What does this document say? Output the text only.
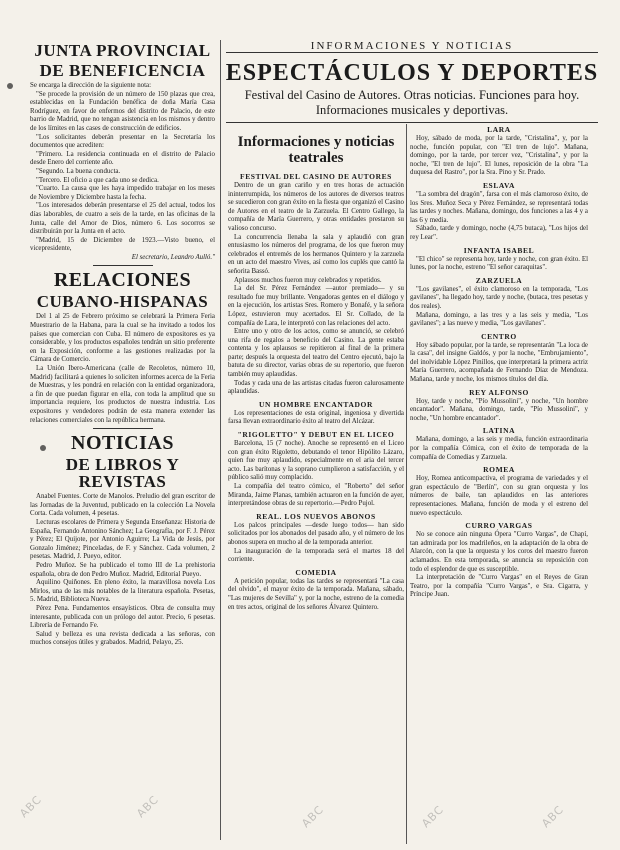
INFORMACIONES Y NOTICIAS
ESPECTÁCULOS Y DEPORTES
Festival del Casino de Autores. Otras noticias. Funciones para hoy. Informaciones musicales y deportivas.
JUNTA PROVINCIAL
DE BENEFICENCIA

Se encarga la dirección de la siguiente nota:

"Se procede la provisión de un número de 150 plazas que crea, establecidas en la Fundación benéfica de doña María Casa Rodríguez, en favor de enfermos del distrito de Palacio, de este barrio de Madrid, que no tengan asistencia en los mismos y dentro de los límites en las cases de construcción de edificios.

"Los solicitantes deberán presentar en la Secretaría los documentos que acrediten:

"Primero. La residencia continuada en el distrito de Palacio desde Enero del corriente año.

"Segundo. La buena conducta.

"Tercero. El oficio a que cada uno se dedica.

"Cuarto. La causa que les haya impedido trabajar en los meses de Noviembre y Diciembre hasta la fecha.

"Los interesados deberán presentarse el 25 del actual, todos los días laborables, de cuatro a seis de la tarde, en las oficinas de la Junta, calle del Amor de Dios, número 6. Los socorros se distribuirán por la Junta en el acto.

"Madrid, 15 de Diciembre de 1923.—Visto bueno, el vicepresidente,

El secretario, Leandro Aulló."
RELACIONES
CUBANO-HISPANAS

Del 1 al 25 de Febrero próximo se celebrará la Primera Feria Muestrario de la Habana, para la cual se ha invitado a todos los países que comercian con Cuba. El número de expositores es ya considerable, y los productos españoles tendrán un sitio preferente en la Exposición, conforme a las gestiones realizadas por la Cámara de Comercio.

La Unión Ibero-Americana (calle de Recoletos, número 10, Madrid) facilitará a quienes lo soliciten informes acerca de la Feria de Muestras, y les pondrá en relación con la entidad organizadora, a fin de que puedan figurar en ella, con toda la amplitud que su importancia requiere, los productos de nuestra industria. Los expositores y vendedores podrán de esta manera extender las relaciones comerciales con la república hermana.

NOTICIAS
DE LIBROS Y REVISTAS

Anabel Fuentes. Corte de Manolos. Preludio del gran escritor de las Jornadas de la Juventud, publicado en la colección La Novela Corta. Cada volumen, 4 pesetas.

Lecturas escolares de Primera y Segunda Enseñanza: Historia de España, Fernando Antonino Sánchez; La Geografía, por F. J. Pérez y Pérez; El Quijote, por Antonio Aguirre; La Vida de Jesús, por Gonzalo Jiménez; Pinceladas, de F. y Sánchez. Cada volumen, 2 pesetas. Madrid, J. Pueyo, editor.

Pedro Muñoz. Se ha publicado el tomo III de La prehistoria española, obra de don Pedro Muñoz. Madrid, Editorial Pueyo.

Aquilino Quiñones. En pleno éxito, la maravillosa novela Los Mirlos, una de las más notables de la literatura española. Pesetas, 5. Madrid, Biblioteca Nueva.

Pérez Pena. Fundamentos ensayísticos. Obra de consulta muy interesante, publicada con un prólogo del autor. Precio, 6 pesetas. Librería de Fernando Fe.

Salud y belleza es una revista dedicada a las señoras, con muchos consejos útiles y grabados. Madrid, Pelayo, 25.

Informaciones y noticias teatrales
FESTIVAL DEL CASINO DE AUTORES

Dentro de un gran cariño y en tres horas de actuación ininterrumpida, los números de los autores de diversos teatros se sucedieron con gran éxito en la fiesta que organizó el Casino de Autores en el teatro de la Zarzuela. El Centro Gallego, la compañía de María Guerrero, y otras entidades prestaron su valioso concurso.

La concurrencia llenaba la sala y aplaudió con gran entusiasmo los números del programa, de los que fueron muy celebrados el entremés de los hermanos Quintero y la zarzuela en un acto del maestro Vives, así como los cuplés que cantó la señorita Bassó.

Aplausos muchos fueron muy celebrados y repetidos.

La del Sr. Pérez Fernández —autor premiado— y su resultado fue muy brillante. Vengadoras gentes en el diálogo y en la ejecución, los artistas Sres. Romero y Bonafé, y la señora López, estuvieron muy acertados. El Sr. Collado, de la compañía de Lara, le interpretó con las relaciones del acto.

Entre uno y otro de los actos, como se anunció, se celebró una rifa de regalos a beneficio del Casino. La gente estaba contenta y los aplausos se repitieron al final de la primera parte; después la orquesta del teatro del Centro ejecutó, bajo la batuta de su director, varias obras de su repertorio, que fueron también muy aplaudidas.

Todas y cada una de las artistas citadas fueron calurosamente aplaudidas.

UN HOMBRE ENCANTADOR

Los representaciones de esta original, ingeniosa y divertida farsa llevan extraordinario éxito al teatro del Alcázar.

"RIGOLETTO" Y DEBUT EN EL LICEO

Barcelona, 15 (7 noche). Anoche se representó en el Liceo con gran éxito Rigoletto, debutando el tenor Hipólito Lázaro, quien fue muy aplaudido, especialmente en el aria del tercer acto. Las barítonas y la soprano cumplieron a satisfacción, y el público salió muy complacido.

La compañía del teatro cómico, el "Roberto" del señor Miranda, Jaime Planas, también actuaron en la función de ayer, interpretándose obras de su repertorio.—Pedro Pujol.

REAL. LOS NUEVOS ABONOS

Los palcos principales —desde luego todos— han sido solicitados por los abonados del pasado año, y el número de los abonos supera en mucho al de la temporada anterior.

La inauguración de la temporada será el martes 18 del corriente.

COMEDIA

A petición popular, todas las tardes se representará "La casa del olvido", el mayor éxito de la temporada. Mañana, sábado, "Las mujeres de Sevilla" y, por la noche, estreno de la comedia en tres actos, original de los señores Álvarez Quintero.

LARA

Hoy, sábado de moda, por la tarde, "Cristalina", y, por la noche, función popular, con "El tren de lujo". Mañana, domingo, por la tarde, por tercer vez, "Cristalina", y por la noche, "El tren de lujo". El lunes, reposición de la obra "La duquesa del Rastro", por la Sra. Pino y Sr. Prado.

ESLAVA

"La sombra del dragón", farsa con el más clamoroso éxito, de los Sres. Muñoz Seca y Pérez Fernández, se representará todas las tardes y noches. Mañana, domingo, dos funciones a las 4 y a las 6 y media.

Sábado, tarde y domingo, noche (4,75 butaca), "Los hijos del rey Lear".

INFANTA ISABEL

"El chico" se representa hoy, tarde y noche, con gran éxito. El lunes, por la noche, estreno "El señor caraquitas".

ZARZUELA

"Los gavilanes", el éxito clamoroso en la temporada, "Los gavilanes", ha llegado hoy, tarde y noche, (butaca, tres pesetas y dos reales).

Mañana, domingo, a las tres y a las seis y media, "Los gavilanes"; a las nueve y media, "Los gavilanes".

CENTRO

Hoy sábado popular, por la tarde, se representarán "La loca de la casa", del insigne Galdós, y por la noche, "Embrujamiento", del inolvidable López Pinillos, que interpretará la primera actriz María Guerrero, acompañada de Fernando Díaz de Mendoza. Mañana, tarde y noche, los mismos títulos del día.

REY ALFONSO

Hoy, tarde y noche, "Pío Mussolini", y noche, "Un hombre encantador". Mañana, domingo, tarde, "Pío Mussolini", y noche, "Un hombre encantador".

LATINA

Mañana, domingo, a las seis y media, función extraordinaria por la compañía Cómica, con el éxito de temporada de la compañía de Comedias y Zarzuela.

ROMEA

Hoy, Romea anticompactiva, el programa de variedades y el gran espectáculo de "Berlín", con su gran orquesta y los números de baile, tan aplaudidos en las anteriores representaciones. Mañana, función de moda y el estreno del nuevo espectáculo.

CURRO VARGAS

No se conoce aún ninguna Ópera "Curro Vargas", de Chapí, tan admirada por los madrileños, en la adaptación de la obra de Alarcón, con la que la orquesta y los coros del maestro fueron aclamados. En esta temporada, se anuncia su reposición con todo el esplendor de que es susceptible.

La interpretación de "Curro Vargas" en el Reyes de Gran Teatro, por la compañía "Curro Vargas", e Sra. Cigarra, y Príncipe Juan.

ABC	ABC	ABC	ABC	ABC
